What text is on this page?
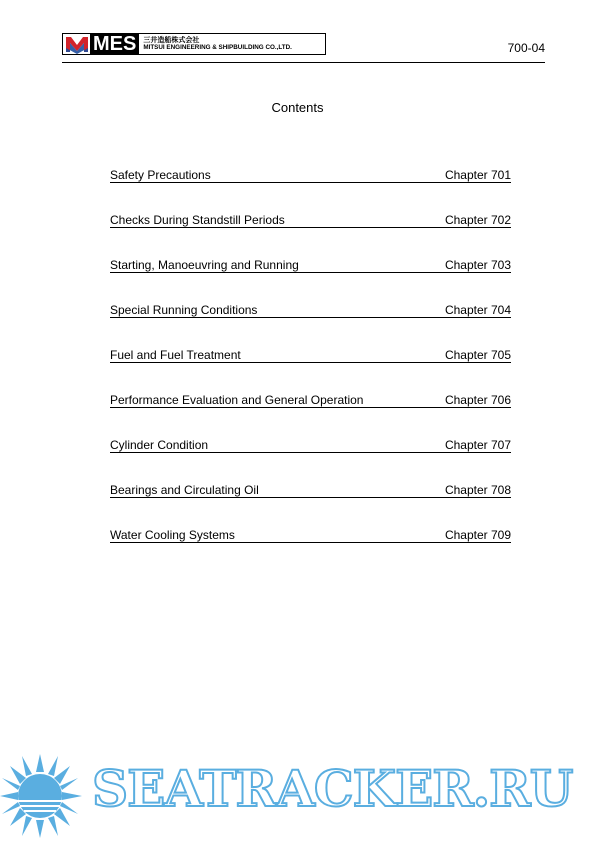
MES	三井造船株式会社
MITSUI ENGINEERING & SHIPBUILDING CO.,LTD.	700-04
Contents
Safety Precautions	Chapter 701
Checks During Standstill Periods	Chapter 702
Starting, Manoeuvring and Running	Chapter 703
Special Running Conditions	Chapter 704
Fuel and Fuel Treatment	Chapter 705
Performance Evaluation and General Operation	Chapter 706
Cylinder Condition	Chapter 707
Bearings and Circulating Oil	Chapter 708
Water Cooling Systems	Chapter 709
SEATRACKER.RU
